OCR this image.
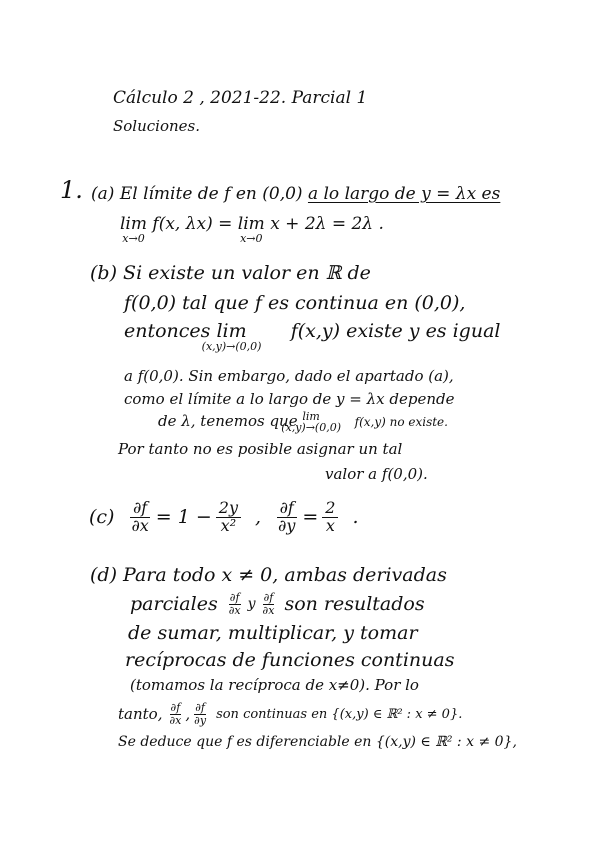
Cálculo 2 , 2021-22. Parcial 1
Soluciones.
1. (a) El límite de f en (0,0) a lo largo de y = λx es
lim
x→0
f(x, λx) = lim
x→0
x + 2λ = 2λ .
(b) Si existe un valor en ℝ de
f(0,0) tal que f es continua en (0,0),
entonces lim
(x,y)→(0,0)
f(x,y) existe y es igual
a f(0,0). Sin embargo, dado el apartado (a),
como el límite a lo largo de y = λx depende
de λ, tenemos que lim
(x,y)→(0,0) f(x,y) no existe.
Por tanto no es posible asignar un tal
valor a f(0,0).
$(c) \frac{\partial f}{\partial x} = 1 - \frac{2y}{\text{x²}}$ , $\frac{\partial f}{\partial y} = \frac{2}{x}$ .
(d) Para todo x ≠ 0, ambas derivadas
parciales $\frac{\partial f}{\partial x}$ y $\frac{\partial f}{\partial x}$ son resultados
de sumar, multiplicar, y tomar
recíprocas de funciones continuas
(tomamos la recíproca de x≠0). Por lo
tanto, $\frac{\partial f}{\partial x}$ , $\frac{\partial f}{\partial y}$ son continuas en {(x,y) ∈ ℝ² : x ≠ 0}.
Se deduce que f es diferenciable en {(x,y) ∈ ℝ² : x ≠ 0},
